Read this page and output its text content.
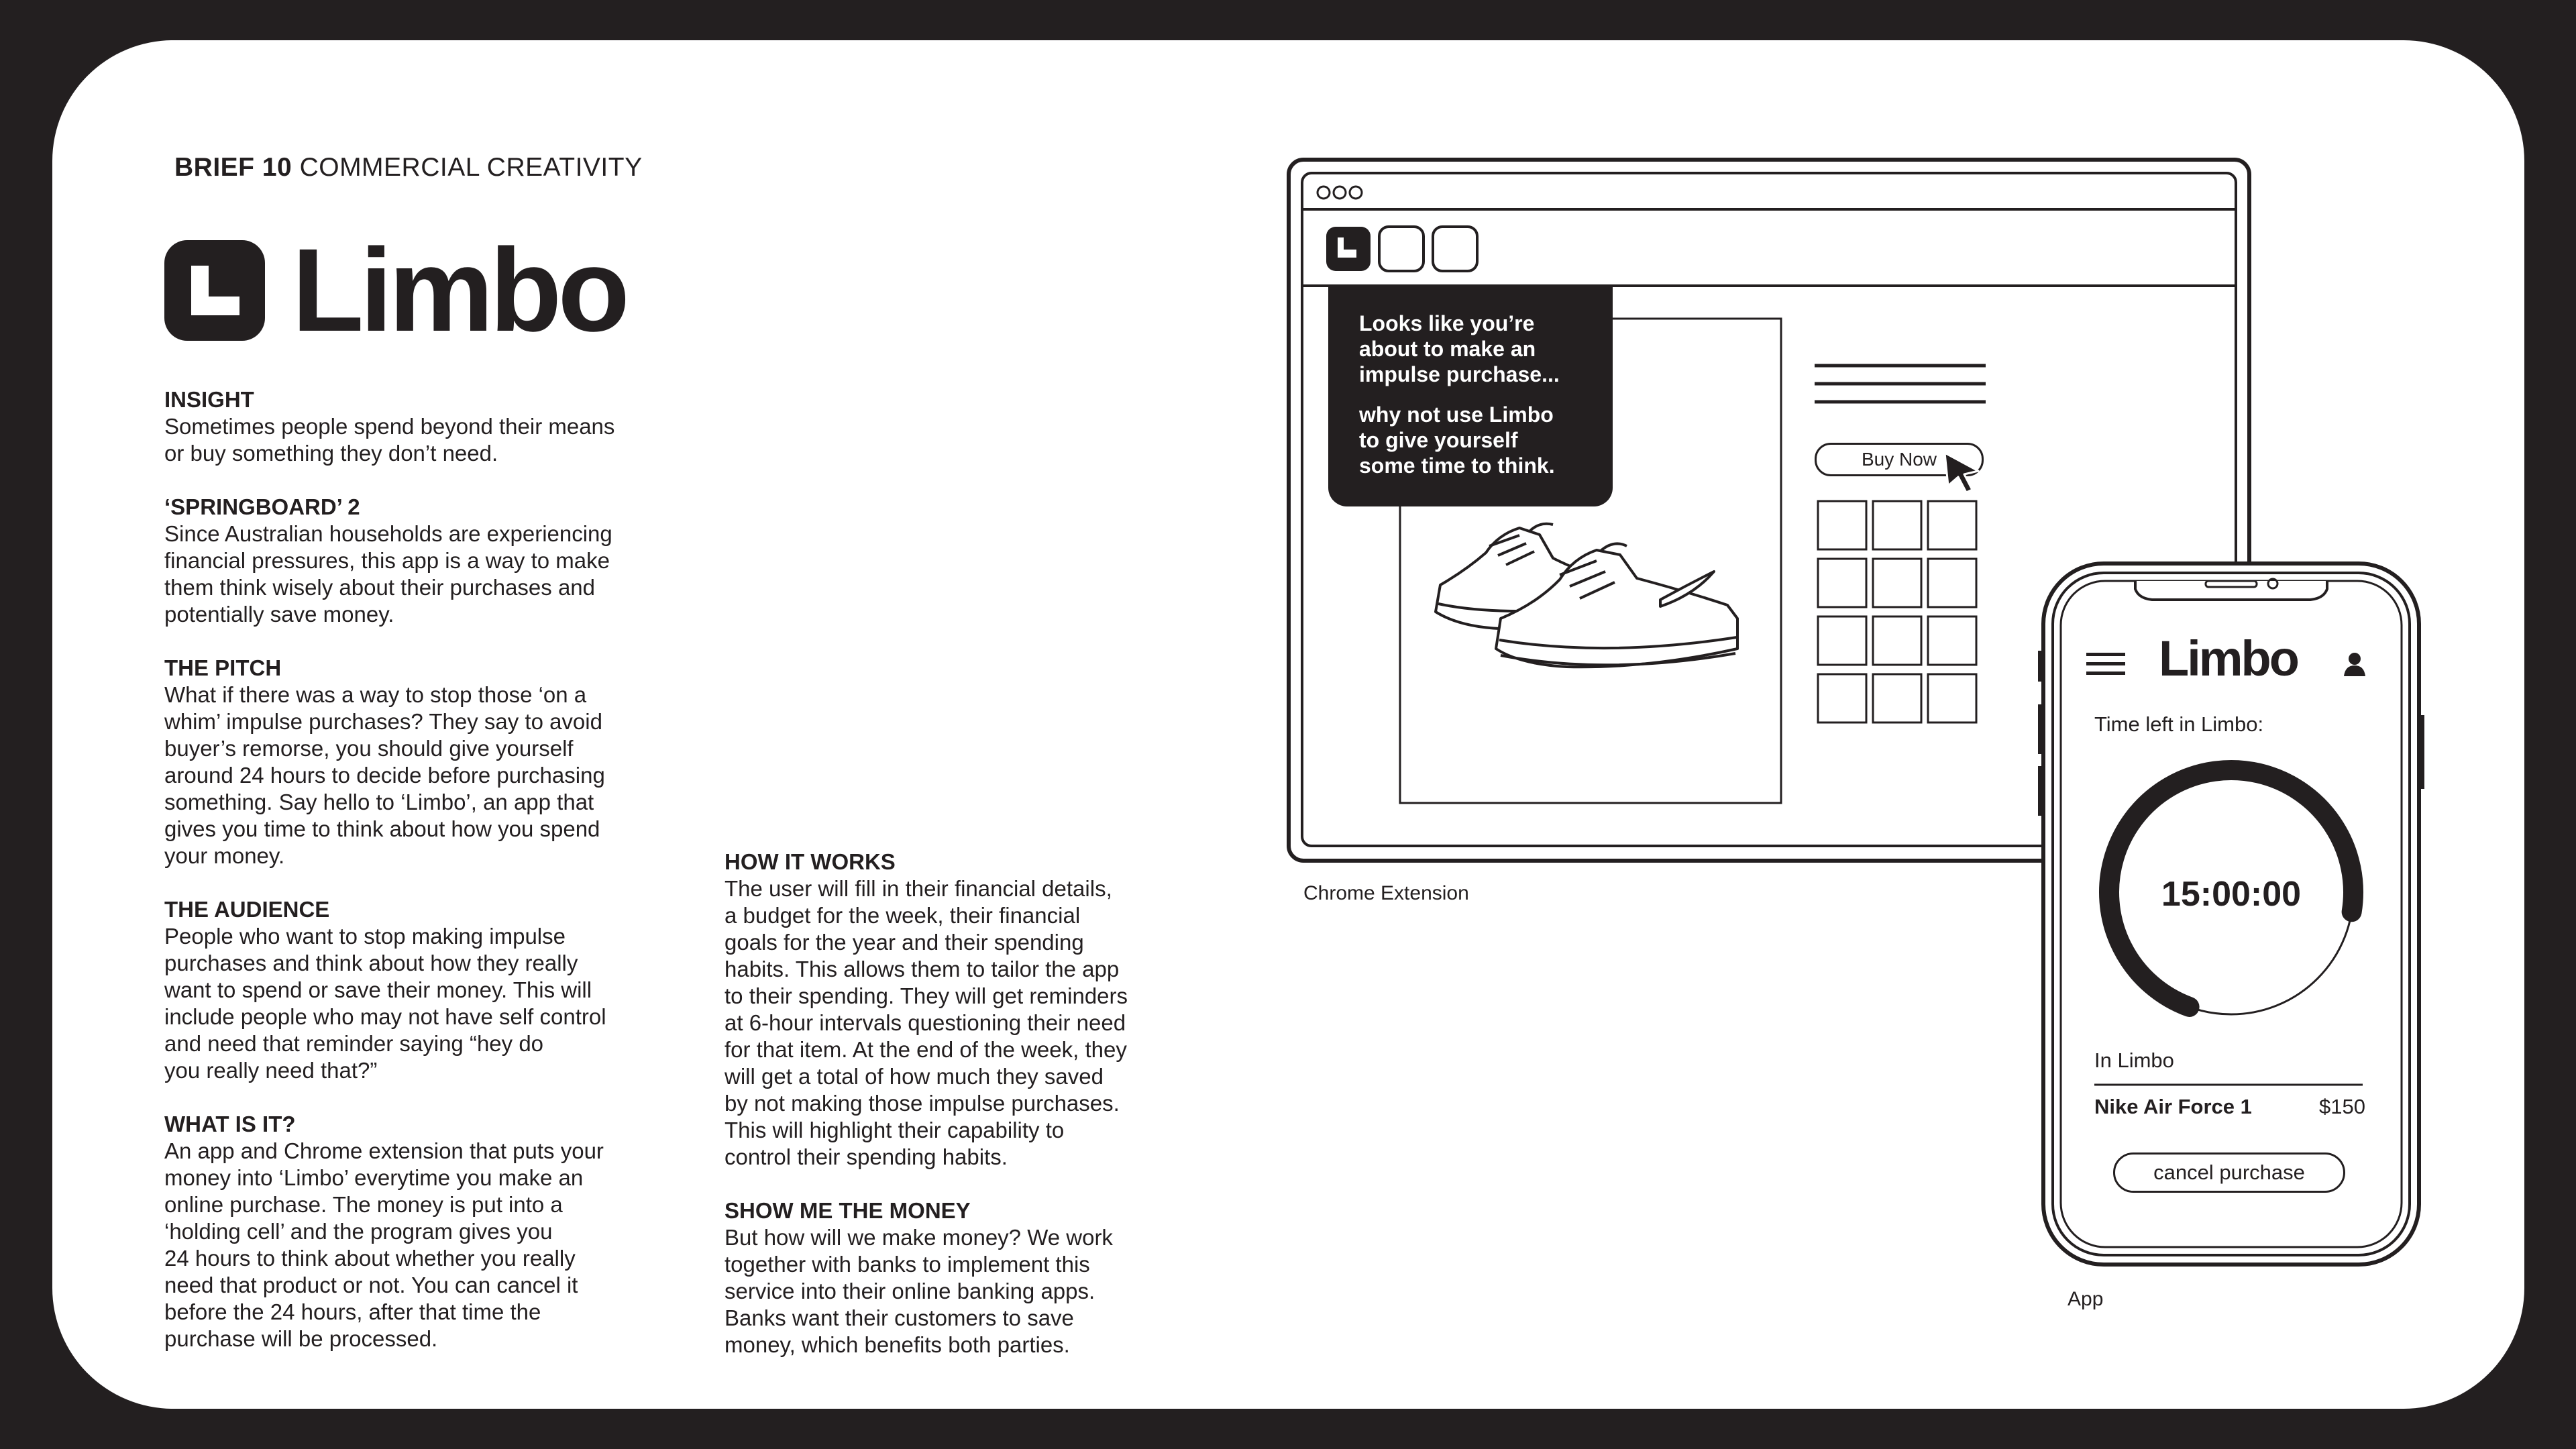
BRIEF 10 COMMERCIAL CREATIVITY
Limbo
INSIGHT

Sometimes people spend beyond their means
or buy something they don’t need.

‘SPRINGBOARD’ 2

Since Australian households are experiencing
financial pressures, this app is a way to make
them think wisely about their purchases and
potentially save money.

THE PITCH

What if there was a way to stop those ‘on a
whim’ impulse purchases? They say to avoid
buyer’s remorse, you should give yourself
around 24 hours to decide before purchasing
something. Say hello to ‘Limbo’, an app that
gives you time to think about how you spend
your money.

THE AUDIENCE

People who want to stop making impulse
purchases and think about how they really
want to spend or save their money. This will
include people who may not have self control
and need that reminder saying “hey do
you really need that?”

WHAT IS IT?

An app and Chrome extension that puts your
money into ‘Limbo’ everytime you make an
online purchase. The money is put into a
‘holding cell’ and the program gives you
24 hours to think about whether you really
need that product or not. You can cancel it
before the 24 hours, after that time the
purchase will be processed.

HOW IT WORKS

The user will fill in their financial details,
a budget for the week, their financial
goals for the year and their spending
habits. This allows them to tailor the app
to their spending. They will get reminders
at 6-hour intervals questioning their need
for that item. At the end of the week, they
will get a total of how much they saved
by not making those impulse purchases.
This will highlight their capability to
control their spending habits.

SHOW ME THE MONEY

But how will we make money? We work
together with banks to implement this
service into their online banking apps.
Banks want their customers to save
money, which benefits both parties.

Looks like you’re
about to make an
impulse purchase...
why not use Limbo
to give yourself
some time to think.	Buy Now
Chrome Extension
Limbo
Time left in Limbo:
15:00:00
In Limbo
Nike Air Force 1	$150
cancel purchase
App
